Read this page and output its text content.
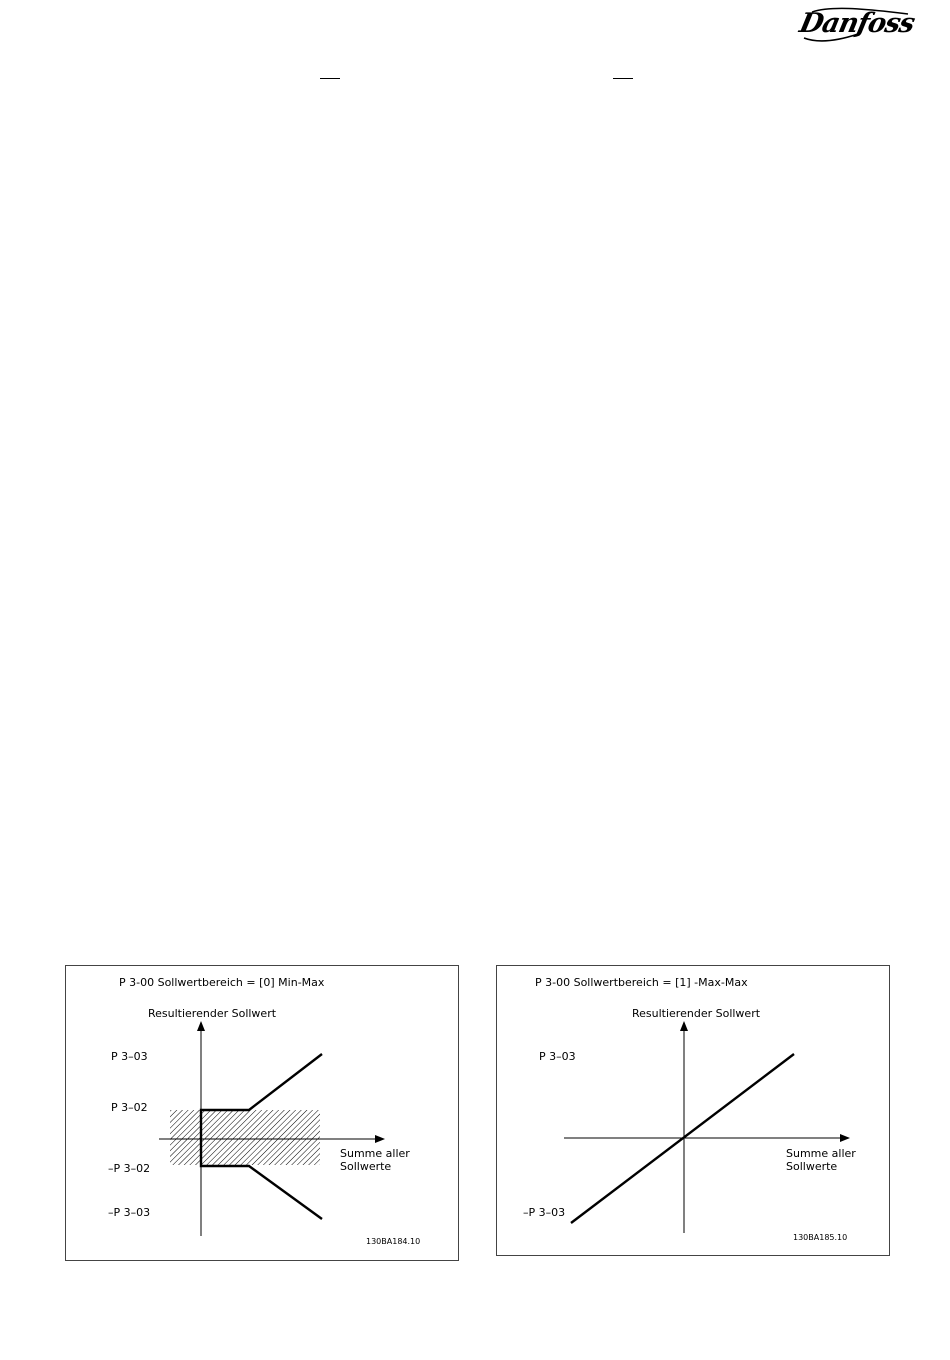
Danfoss
P 3-00 Sollwertbereich = [0] Min-Max
Resultierender Sollwert
P 3–03
P 3–02
–P 3–02
–P 3–03
Summe aller
Sollwerte
130BA184.10
P 3-00 Sollwertbereich = [1] -Max-Max
Resultierender Sollwert
P 3–03
–P 3–03
Summe aller
Sollwerte
130BA185.10
